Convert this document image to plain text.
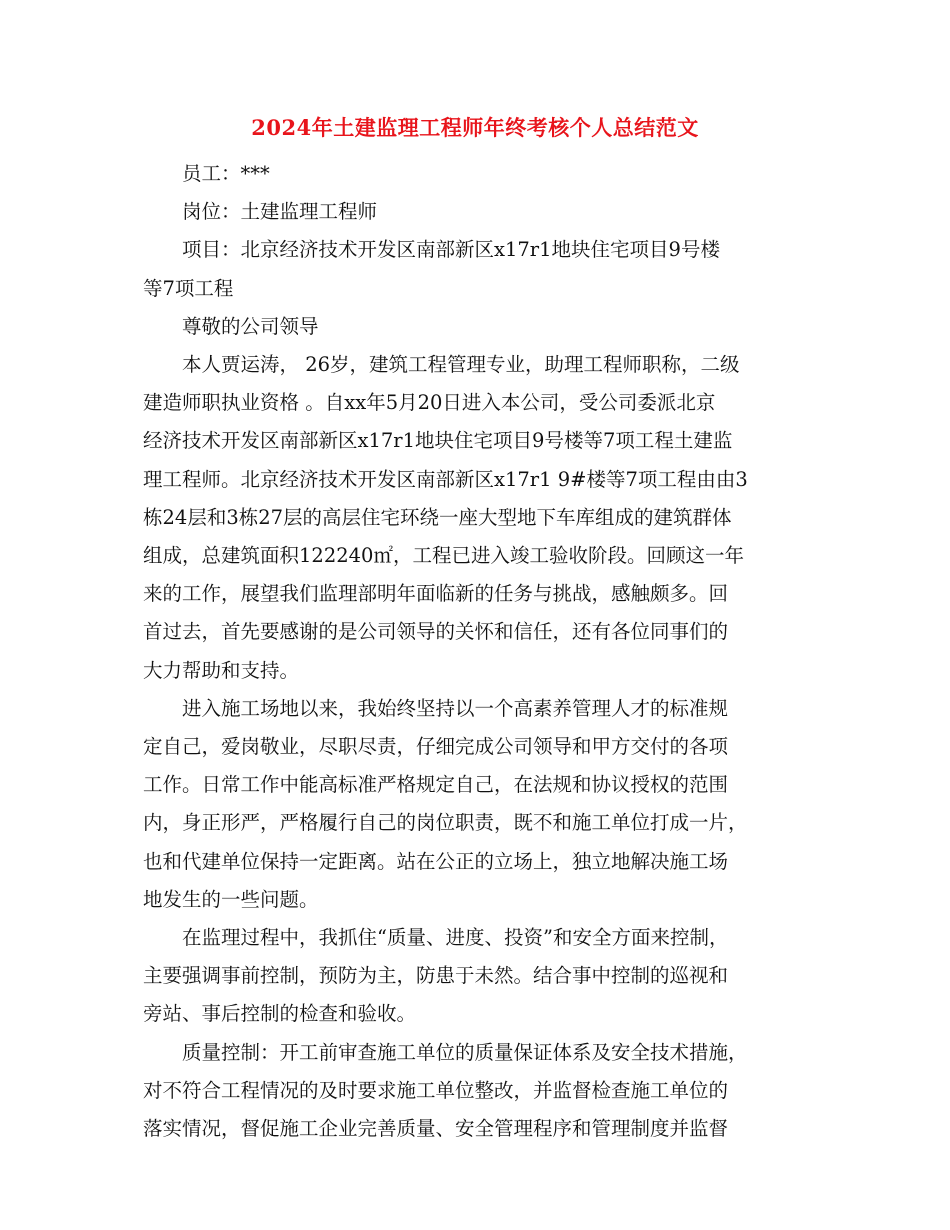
2024年土建监理工程师年终考核个人总结范文
员工：***
岗位：土建监理工程师
项目：北京经济技术开发区南部新区x17r1地块住宅项目9号楼
等7项工程
尊敬的公司领导
本人贾运涛， 26岁，建筑工程管理专业，助理工程师职称，二级
建造师职执业资格 。自xx年5月20日进入本公司，受公司委派北京
经济技术开发区南部新区x17r1地块住宅项目9号楼等7项工程土建监
理工程师。北京经济技术开发区南部新区x17r1 9#楼等7项工程由由3
栋24层和3栋27层的高层住宅环绕一座大型地下车库组成的建筑群体
组成，总建筑面积122240㎡，工程已进入竣工验收阶段。回顾这一年
来的工作，展望我们监理部明年面临新的任务与挑战，感触颇多。回
首过去，首先要感谢的是公司领导的关怀和信任，还有各位同事们的
大力帮助和支持。
进入施工场地以来，我始终坚持以一个高素养管理人才的标准规
定自己，爱岗敬业，尽职尽责，仔细完成公司领导和甲方交付的各项
工作。日常工作中能高标准严格规定自己，在法规和协议授权的范围
内，身正形严，严格履行自己的岗位职责，既不和施工单位打成一片，
也和代建单位保持一定距离。站在公正的立场上，独立地解决施工场
地发生的一些问题。
在监理过程中，我抓住“质量、进度、投资”和安全方面来控制，
主要强调事前控制，预防为主，防患于未然。结合事中控制的巡视和
旁站、事后控制的检查和验收。
质量控制：开工前审查施工单位的质量保证体系及安全技术措施，
对不符合工程情况的及时要求施工单位整改，并监督检查施工单位的
落实情况，督促施工企业完善质量、安全管理程序和管理制度并监督
